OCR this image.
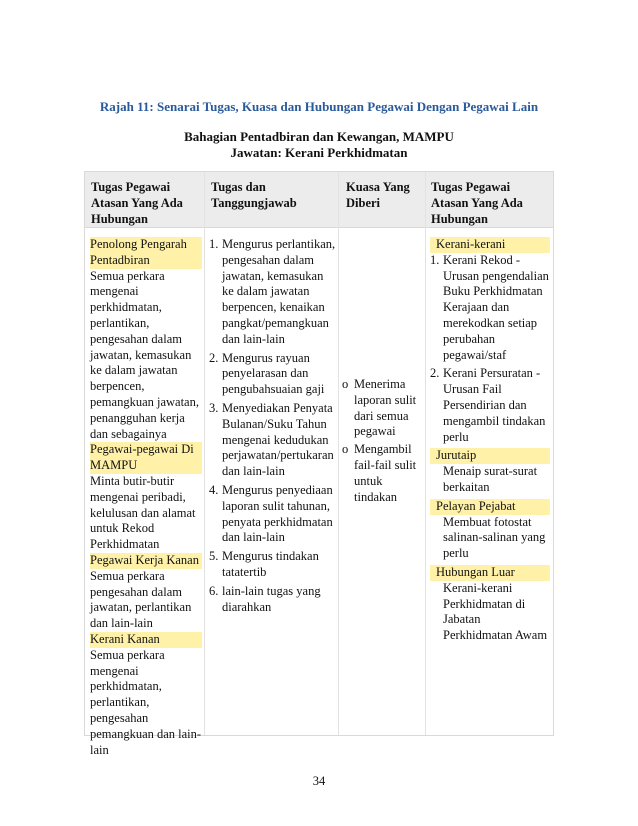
Rajah 11: Senarai Tugas, Kuasa dan Hubungan Pegawai Dengan Pegawai Lain
Bahagian Pentadbiran dan Kewangan, MAMPU
Jawatan: Kerani Perkhidmatan
Tugas Pegawai Atasan Yang Ada Hubungan
Tugas dan Tanggungjawab
Kuasa Yang Diberi
Tugas Pegawai Atasan Yang Ada Hubungan
Penolong Pengarah Pentadbiran
Semua perkara mengenai perkhidmatan, perlantikan, pengesahan dalam jawatan, kemasukan ke dalam jawatan berpencen, pemangkuan jawatan, penangguhan kerja dan sebagainya
Pegawai-pegawai Di MAMPU
Minta butir-butir mengenai peribadi, kelulusan dan alamat untuk Rekod Perkhidmatan
Pegawai Kerja Kanan
Semua perkara pengesahan dalam jawatan, perlantikan dan lain-lain
Kerani Kanan
Semua perkara mengenai perkhidmatan, perlantikan, pengesahan pemangkuan dan lain-lain
1. Mengurus perlantikan, pengesahan dalam jawatan, kemasukan ke dalam jawatan berpencen, kenaikan pangkat/pemangkuan dan lain-lain
2. Mengurus rayuan penyelarasan dan pengubahsuaian gaji
3. Menyediakan Penyata Bulanan/Suku Tahun mengenai kedudukan perjawatan/pertukaran dan lain-lain
4. Mengurus penyediaan laporan sulit tahunan, penyata perkhidmatan dan lain-lain
5. Mengurus tindakan tatatertib
6. lain-lain tugas yang diarahkan
o Menerima laporan sulit dari semua pegawai
o Mengambil fail-fail sulit untuk tindakan
Kerani-kerani
1. Kerani Rekod - Urusan pengendalian Buku Perkhidmatan Kerajaan dan merekodkan setiap perubahan pegawai/staf
2. Kerani Persuratan - Urusan Fail Persendirian dan mengambil tindakan perlu
Jurutaip
Menaip surat-surat berkaitan
Pelayan Pejabat
Membuat fotostat salinan-salinan yang perlu
Hubungan Luar
Kerani-kerani Perkhidmatan di Jabatan Perkhidmatan Awam
34
